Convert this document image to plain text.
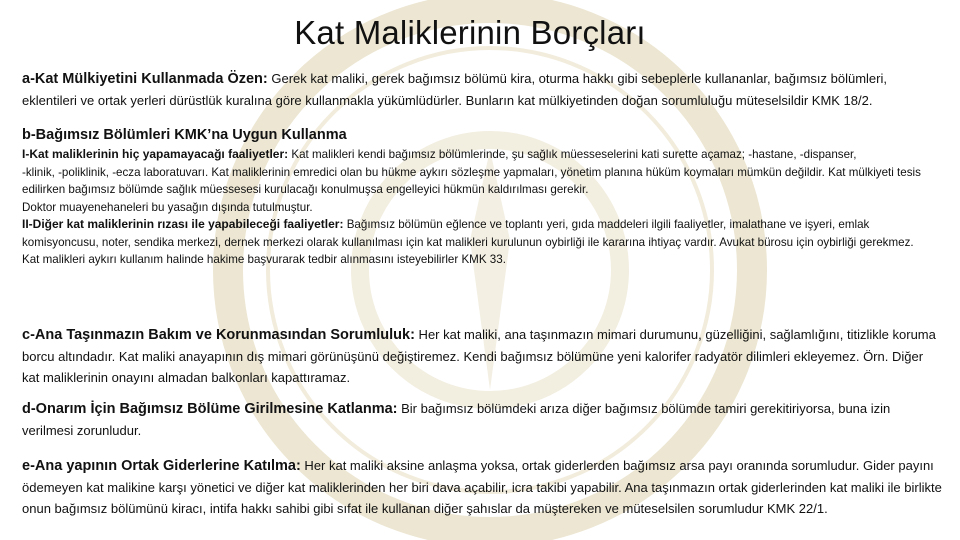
Kat Maliklerinin Borçları

a-Kat Mülkiyetini Kullanmada Özen: Gerek kat maliki, gerek bağımsız bölümü kira, oturma hakkı gibi sebeplerle kullananlar, bağımsız bölümleri, eklentileri ve ortak yerleri dürüstlük kuralına göre kullanmakla yükümlüdürler. Bunların kat mülkiyetinden doğan sorumluluğu müteselsildir KMK 18/2.

b-Bağımsız Bölümleri KMK’na Uygun Kullanma

I-Kat maliklerinin hiç yapamayacağı faaliyetler: Kat malikleri kendi bağımsız bölümlerinde, şu sağlık müesseselerini kati surette açamaz; -hastane, -dispanser,

-klinik, -poliklinik, -ecza laboratuvarı. Kat maliklerinin emredici olan bu hükme aykırı sözleşme yapmaları, yönetim planına hüküm koymaları mümkün değildir. Kat mülkiyeti tesis edilirken bağımsız bölümde sağlık müessesesi kurulacağı konulmuşsa engelleyici hükmün kaldırılması gerekir.

Doktor muayenehaneleri bu yasağın dışında tutulmuştur.

II-Diğer kat maliklerinin rızası ile yapabileceği faaliyetler: Bağımsız bölümün eğlence ve toplantı yeri, gıda maddeleri ilgili faaliyetler, imalathane ve işyeri, emlak komisyoncusu, noter, sendika merkezi, dernek merkezi olarak kullanılması için kat malikleri kurulunun oybirliği ile kararına ihtiyaç vardır. Avukat bürosu için oybirliği gerekmez.

Kat malikleri aykırı kullanım halinde hakime başvurarak tedbir alınmasını isteyebilirler KMK 33.

c-Ana Taşınmazın Bakım ve Korunmasından Sorumluluk: Her kat maliki, ana taşınmazın mimari durumunu, güzelliğini, sağlamlığını, titizlikle koruma borcu altındadır. Kat maliki anayapının dış mimari görünüşünü değiştiremez. Kendi bağımsız bölümüne yeni kalorifer radyatör dilimleri ekleyemez. Örn. Diğer kat maliklerinin onayını almadan balkonları kapattıramaz.

d-Onarım İçin Bağımsız Bölüme Girilmesine Katlanma: Bir bağımsız bölümdeki arıza diğer bağımsız bölümde tamiri gerekitiriyorsa, buna izin verilmesi zorunludur.

e-Ana yapının Ortak Giderlerine Katılma: Her kat maliki aksine anlaşma yoksa, ortak giderlerden bağımsız arsa payı oranında sorumludur. Gider payını ödemeyen kat malikine karşı yönetici ve diğer kat maliklerinden her biri dava açabilir, icra takibi yapabilir. Ana taşınmazın ortak giderlerinden kat maliki ile birlikte onun bağımsız bölümünü kiracı, intifa hakkı sahibi gibi sıfat ile kullanan diğer şahıslar da müştereken ve müteselsilen sorumludur KMK 22/1.
